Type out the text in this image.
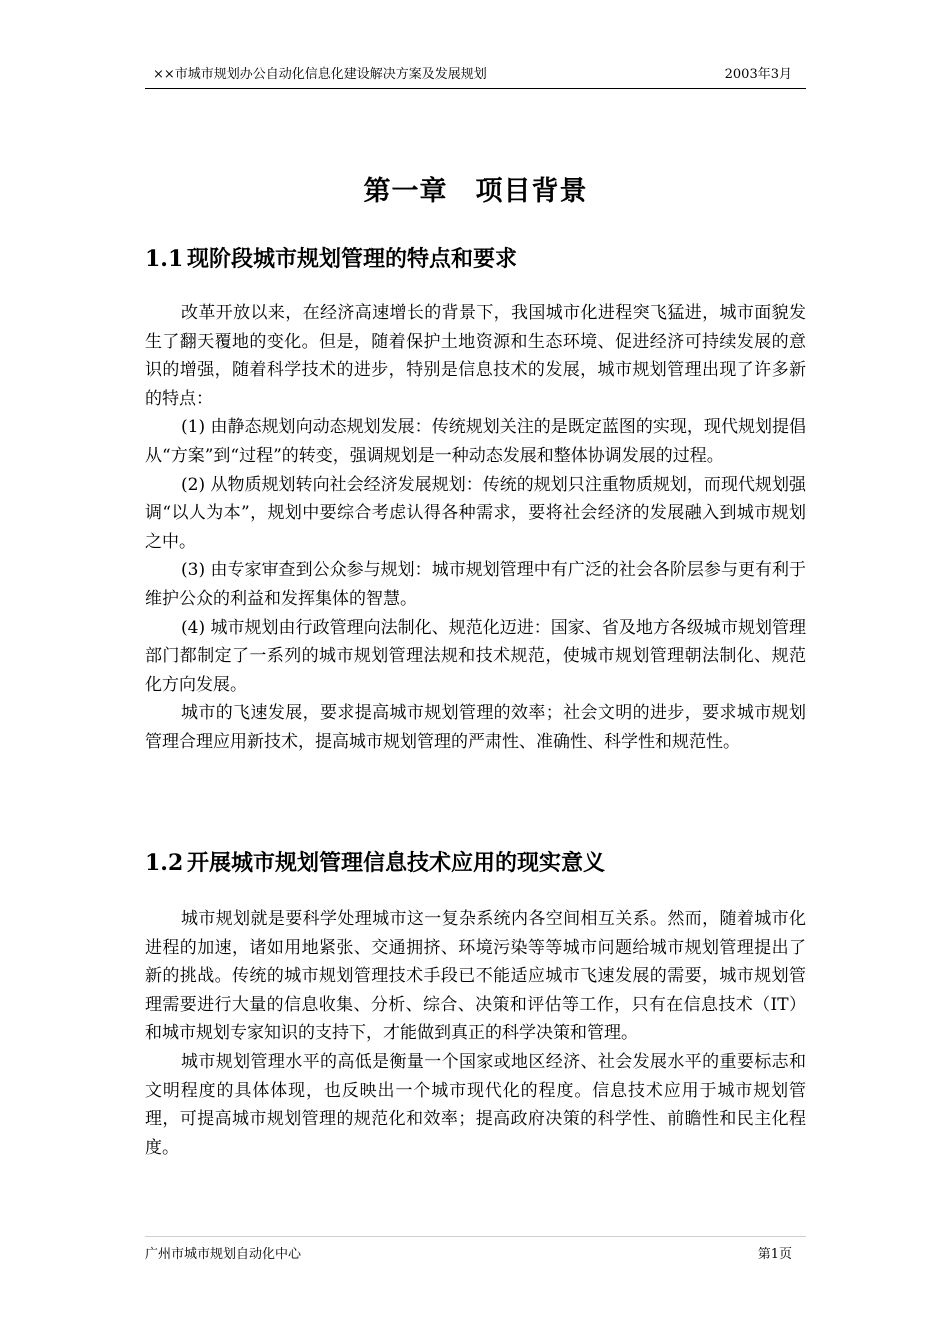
××市城市规划办公自动化信息化建设解决方案及发展规划	2003年3月
第一章　项目背景
1.1 现阶段城市规划管理的特点和要求

改革开放以来，在经济高速增长的背景下，我国城市化进程突飞猛进，城市面貌发生了翻天覆地的变化。但是，随着保护土地资源和生态环境、促进经济可持续发展的意识的增强，随着科学技术的进步，特别是信息技术的发展，城市规划管理出现了许多新的特点：

(1) 由静态规划向动态规划发展：传统规划关注的是既定蓝图的实现，现代规划提倡从“方案”到“过程”的转变，强调规划是一种动态发展和整体协调发展的过程。

(2) 从物质规划转向社会经济发展规划：传统的规划只注重物质规划，而现代规划强调“以人为本”，规划中要综合考虑认得各种需求，要将社会经济的发展融入到城市规划之中。

(3) 由专家审查到公众参与规划：城市规划管理中有广泛的社会各阶层参与更有利于维护公众的利益和发挥集体的智慧。

(4) 城市规划由行政管理向法制化、规范化迈进：国家、省及地方各级城市规划管理部门都制定了一系列的城市规划管理法规和技术规范，使城市规划管理朝法制化、规范化方向发展。

城市的飞速发展，要求提高城市规划管理的效率；社会文明的进步，要求城市规划管理合理应用新技术，提高城市规划管理的严肃性、准确性、科学性和规范性。

1.2 开展城市规划管理信息技术应用的现实意义

城市规划就是要科学处理城市这一复杂系统内各空间相互关系。然而，随着城市化进程的加速，诸如用地紧张、交通拥挤、环境污染等等城市问题给城市规划管理提出了新的挑战。传统的城市规划管理技术手段已不能适应城市飞速发展的需要，城市规划管理需要进行大量的信息收集、分析、综合、决策和评估等工作，只有在信息技术（IT）和城市规划专家知识的支持下，才能做到真正的科学决策和管理。

城市规划管理水平的高低是衡量一个国家或地区经济、社会发展水平的重要标志和文明程度的具体体现，也反映出一个城市现代化的程度。信息技术应用于城市规划管理，可提高城市规划管理的规范化和效率；提高政府决策的科学性、前瞻性和民主化程度。

广州市城市规划自动化中心	第1页
